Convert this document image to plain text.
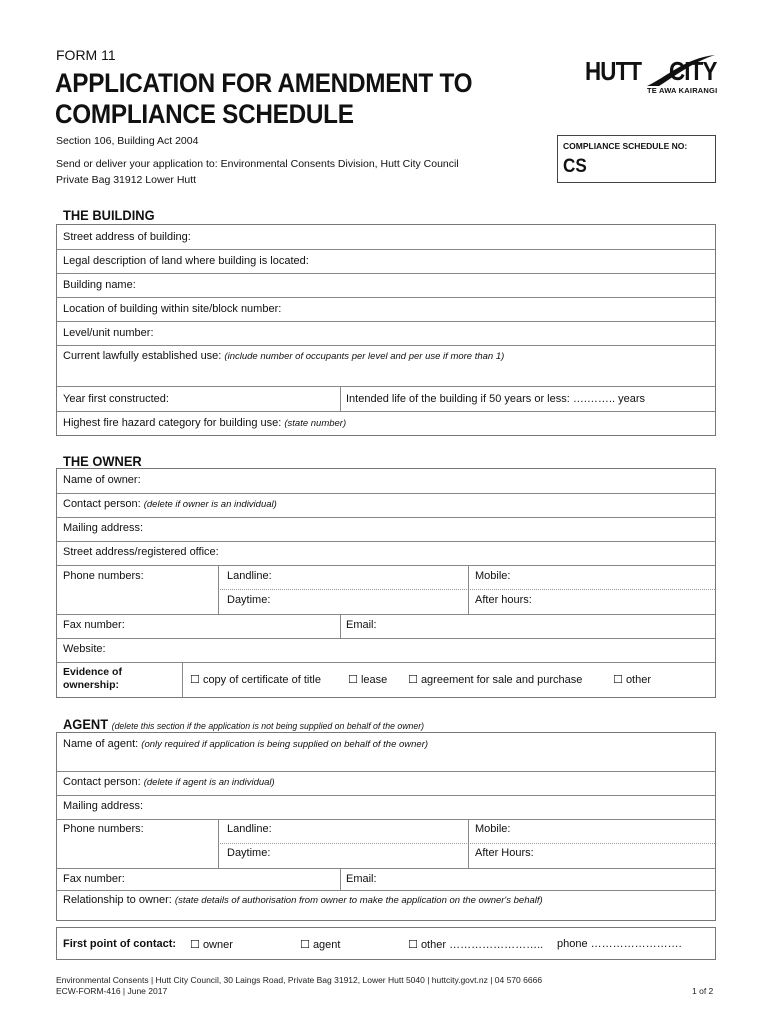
FORM 11
APPLICATION FOR AMENDMENT TO
COMPLIANCE SCHEDULE
HUTT CITY
TE AWA KAIRANGI
Section 106, Building Act 2004
Send or deliver your application to: Environmental Consents Division, Hutt City Council
Private Bag 31912 Lower Hutt
COMPLIANCE SCHEDULE NO:
CS
THE BUILDING
Street address of building:
Legal description of land where building is located:
Building name:
Location of building within site/block number:
Level/unit number:
Current lawfully established use: (include number of occupants per level and per use if more than 1)
Year first constructed:	Intended life of the building if 50 years or less: ….…….. years
Highest fire hazard category for building use: (state number)
THE OWNER
Name of owner:
Contact person: (delete if owner is an individual)
Mailing address:
Street address/registered office:
Phone numbers:	Landline:	Mobile:
Daytime:	After hours:
Fax number:	Email:
Website:
Evidence of
ownership:	☐ copy of certificate of title ☐ lease ☐ agreement for sale and purchase	☐ other
AGENT (delete this section if the application is not being supplied on behalf of the owner)
Name of agent: (only required if application is being supplied on behalf of the owner)
Contact person: (delete if agent is an individual)
Mailing address:
Phone numbers:	Landline:	Mobile:
Daytime:	After Hours:
Fax number:	Email:
Relationship to owner: (state details of authorisation from owner to make the application on the owner's behalf)
First point of contact: ☐ owner	☐ agent	☐ other …………………….. phone …………………….
Environmental Consents | Hutt City Council, 30 Laings Road, Private Bag 31912, Lower Hutt 5040 | huttcity.govt.nz | 04 570 6666
ECW-FORM-416 | June 2017	1 of 2
